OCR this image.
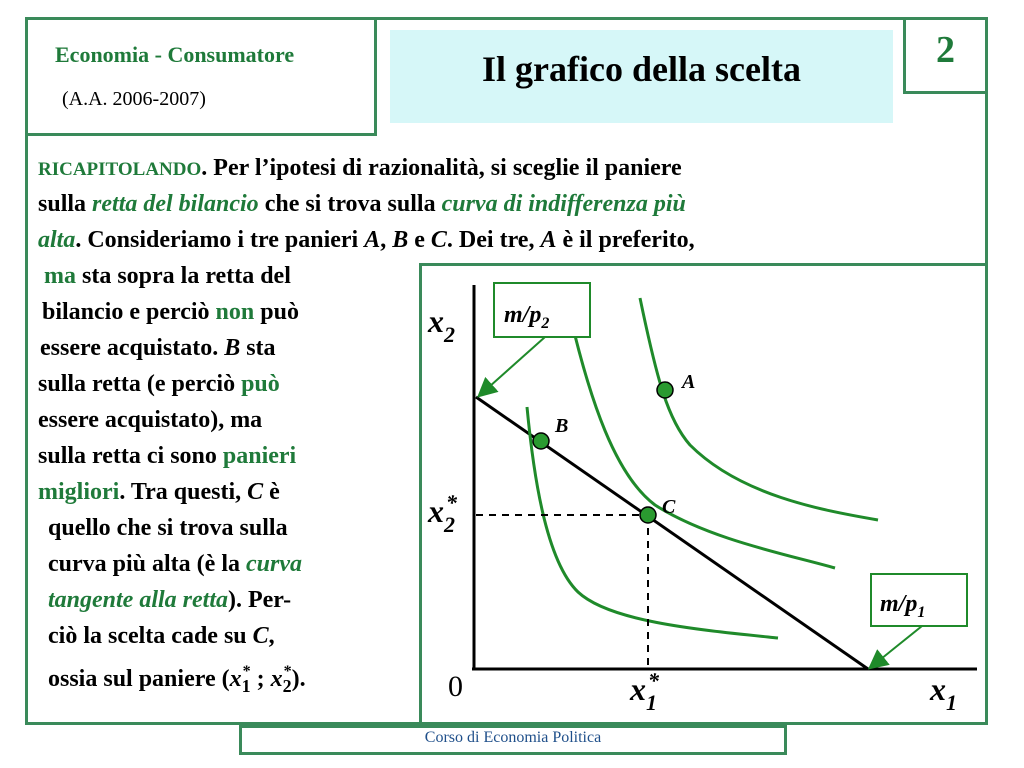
Economia - Consumatore
(A.A. 2006-2007)
Il grafico della scelta	2
RICAPITOLANDO. Per l’ipotesi di razionalità, si sceglie il paniere
sulla retta del bilancio che si trova sulla curva di indifferenza più
alta. Consideriamo i tre panieri A, B e C. Dei tre, A è il preferito,
ma sta sopra la retta del
bilancio e perciò non può
essere acquistato. B sta
sulla retta (e perciò può
essere acquistato), ma
sulla retta ci sono panieri
migliori. Tra questi, C è
quello che si trova sulla
curva più alta (è la curva
tangente alla retta). Per-
ciò la scelta cade su C,
ossia sul paniere ($x_1^*$ ; $x_2^*$).
A
B
C
$m/p_2$
$m/p_1$
$x_2$
$x_1$
0
$x_2$
*
$x_1$
*
Corso di Economia Politica
